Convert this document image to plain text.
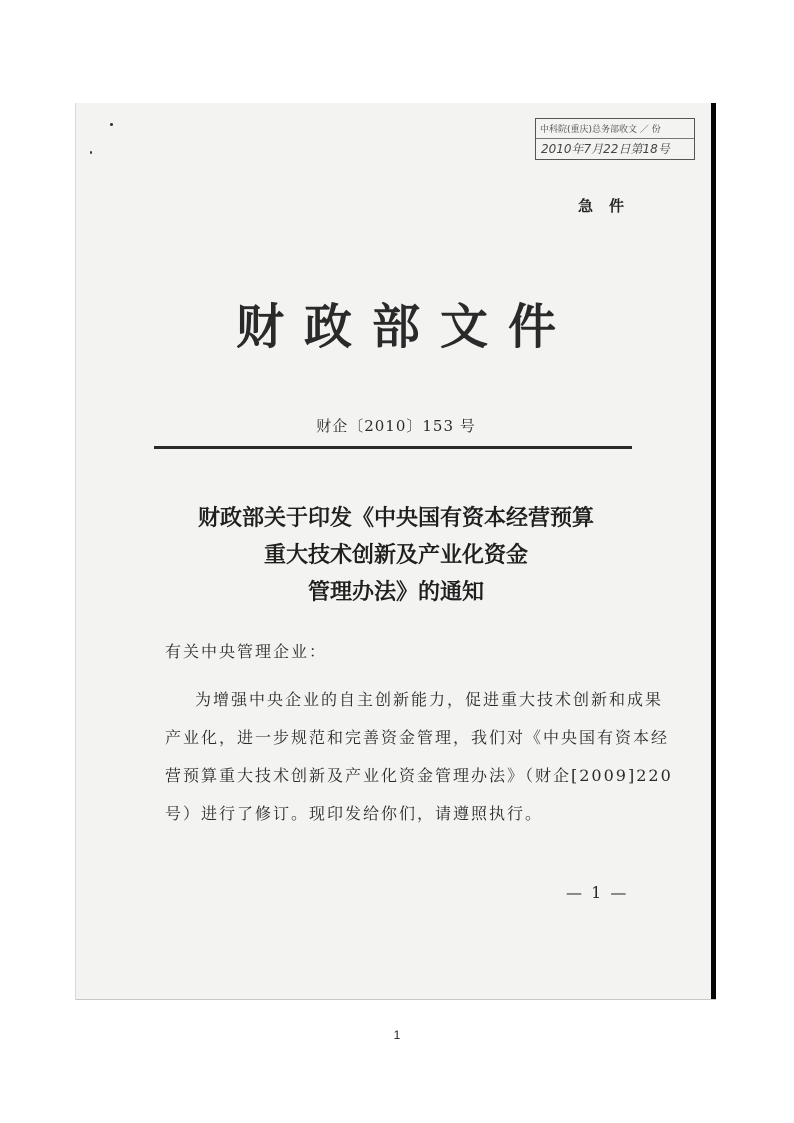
中科院(重庆)总务部收文 ／ 份
2010年7月22日第18号
急件
财政部文件
财企〔2010〕153 号
财政部关于印发《中央国有资本经营预算
重大技术创新及产业化资金
管理办法》的通知
有关中央管理企业：
为增强中央企业的自主创新能力，促进重大技术创新和成果
产业化，进一步规范和完善资金管理，我们对《中央国有资本经
营预算重大技术创新及产业化资金管理办法》（财企[2009]220
号）进行了修订。现印发给你们，请遵照执行。
— 1 —
1
